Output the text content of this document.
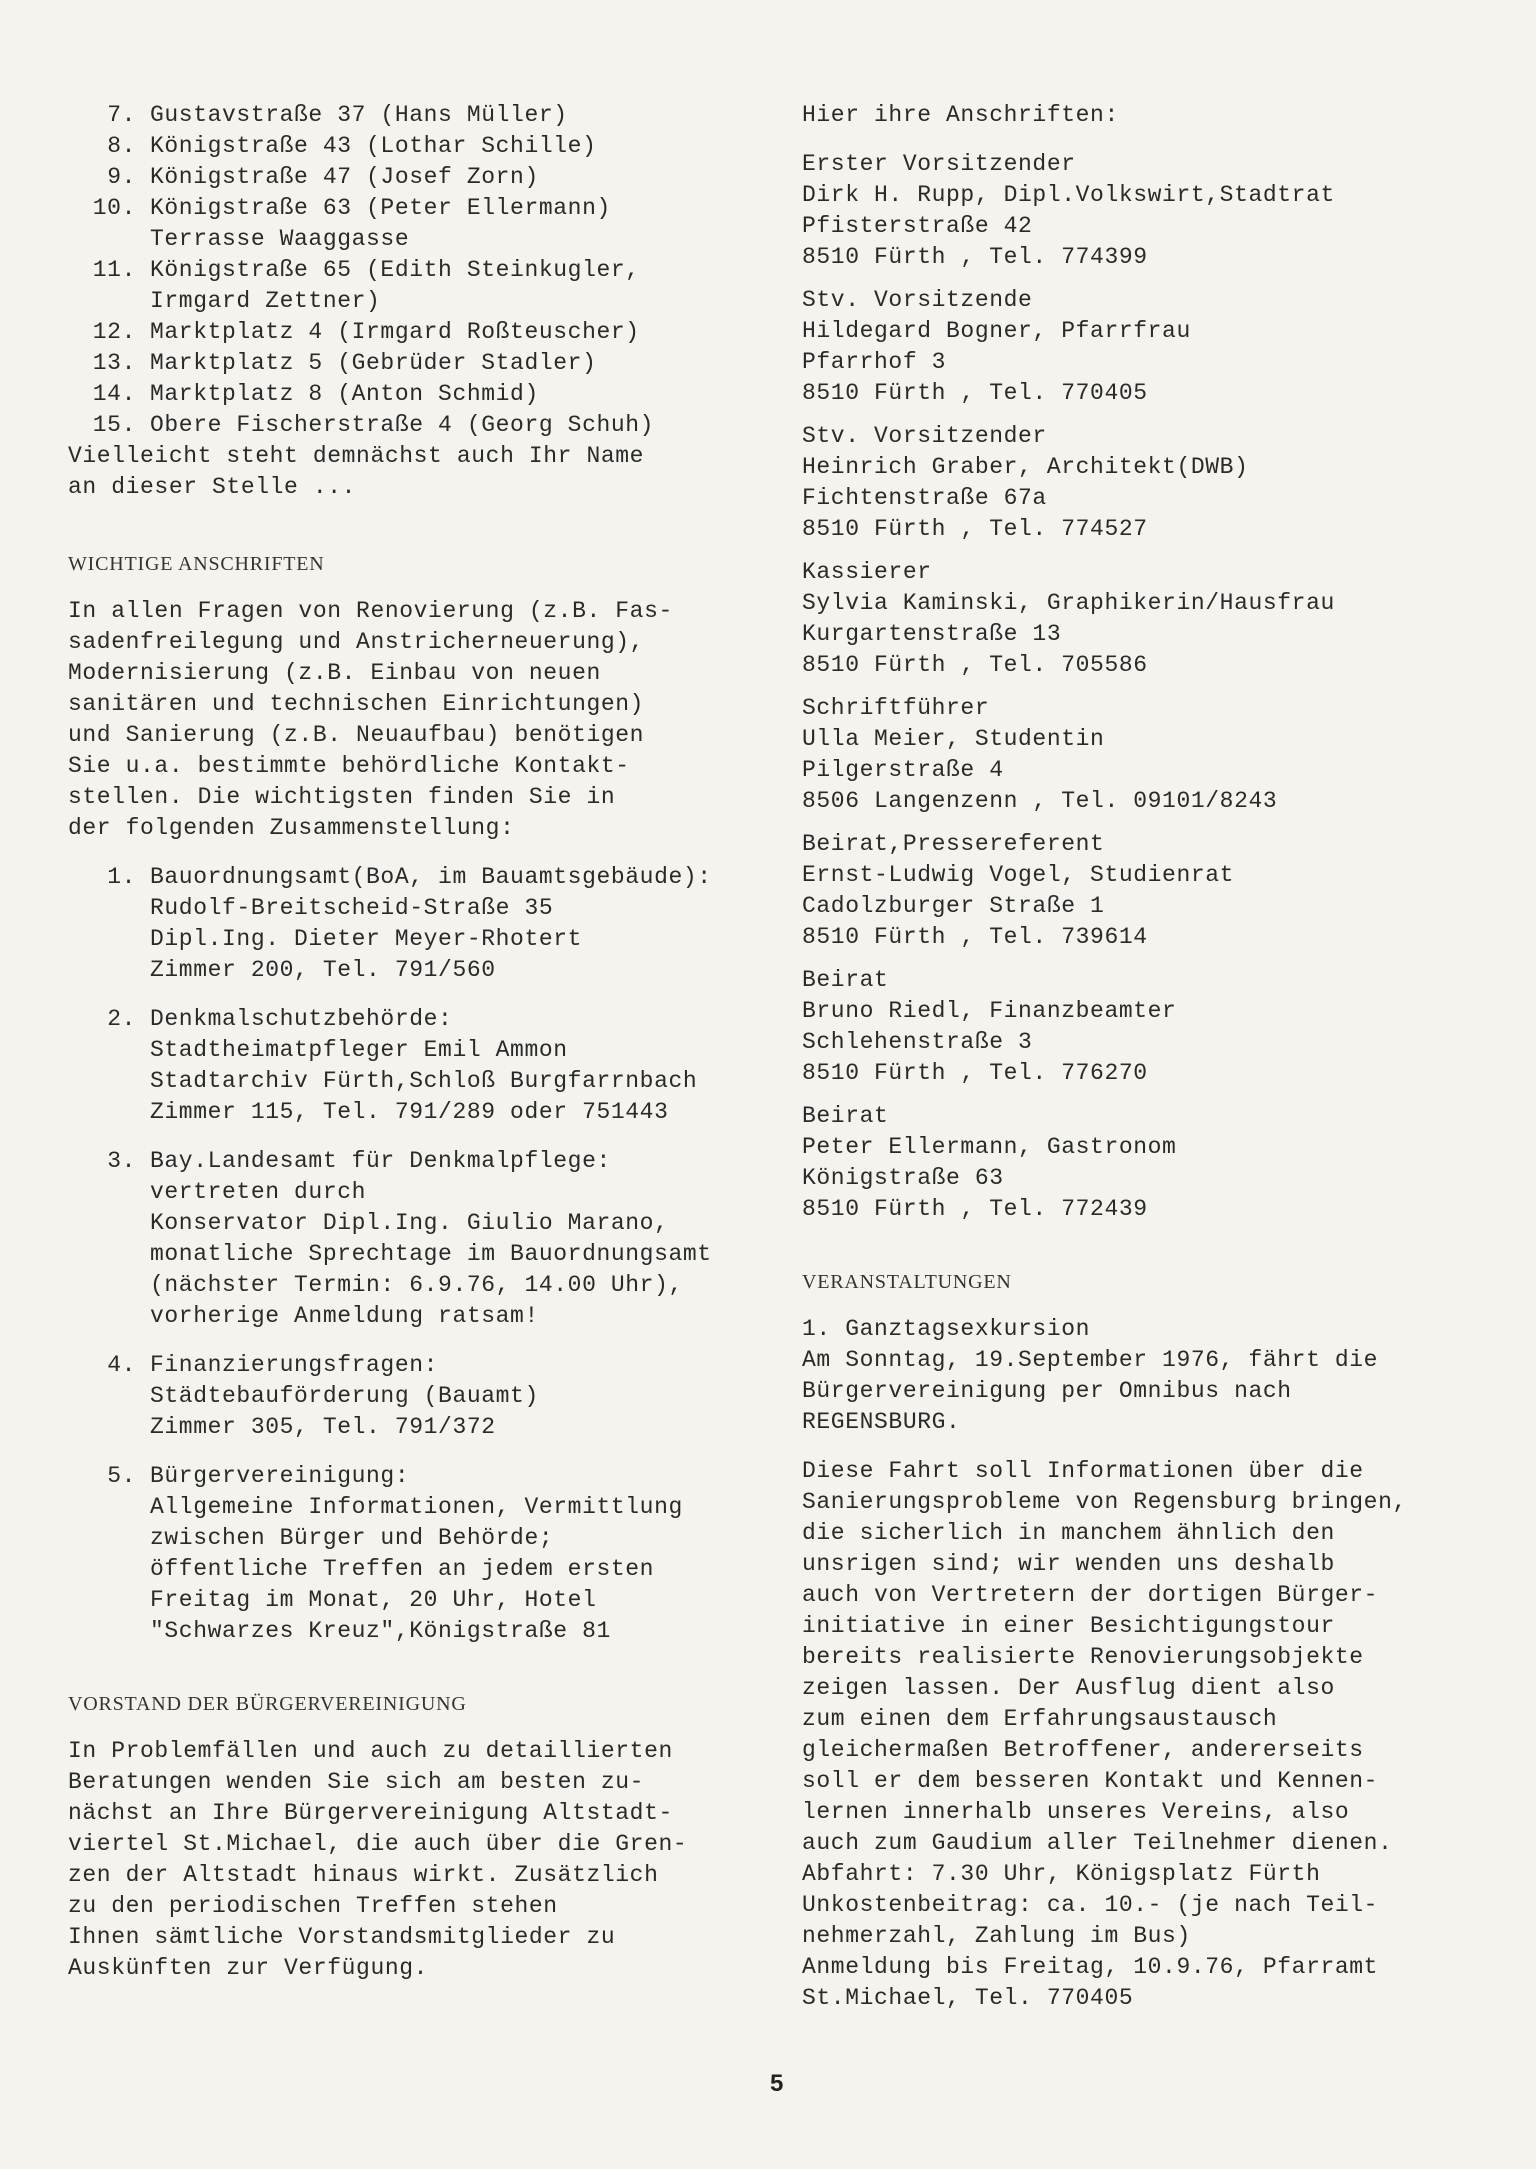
7. Gustavstraße 37 (Hans Müller)
8. Königstraße 43 (Lothar Schille)
9. Königstraße 47 (Josef Zorn)
10. Königstraße 63 (Peter Ellermann)
Terrasse Waaggasse
11. Königstraße 65 (Edith Steinkugler,
Irmgard Zettner)
12. Marktplatz 4 (Irmgard Roßteuscher)
13. Marktplatz 5 (Gebrüder Stadler)
14. Marktplatz 8 (Anton Schmid)
15. Obere Fischerstraße 4 (Georg Schuh)
Vielleicht steht demnächst auch Ihr Name
an dieser Stelle ...
WICHTIGE ANSCHRIFTEN
In allen Fragen von Renovierung (z.B. Fas-
sadenfreilegung und Anstricherneuerung),
Modernisierung (z.B. Einbau von neuen
sanitären und technischen Einrichtungen)
und Sanierung (z.B. Neuaufbau) benötigen
Sie u.a. bestimmte behördliche Kontakt-
stellen. Die wichtigsten finden Sie in
der folgenden Zusammenstellung:
1. Bauordnungsamt(BoA, im Bauamtsgebäude):
Rudolf-Breitscheid-Straße 35
Dipl.Ing. Dieter Meyer-Rhotert
Zimmer 200, Tel. 791/560
2. Denkmalschutzbehörde:
Stadtheimatpfleger Emil Ammon
Stadtarchiv Fürth,Schloß Burgfarrnbach
Zimmer 115, Tel. 791/289 oder 751443
3. Bay.Landesamt für Denkmalpflege:
vertreten durch
Konservator Dipl.Ing. Giulio Marano,
monatliche Sprechtage im Bauordnungsamt
(nächster Termin: 6.9.76, 14.00 Uhr),
vorherige Anmeldung ratsam!
4. Finanzierungsfragen:
Städtebauförderung (Bauamt)
Zimmer 305, Tel. 791/372
5. Bürgervereinigung:
Allgemeine Informationen, Vermittlung
zwischen Bürger und Behörde;
öffentliche Treffen an jedem ersten
Freitag im Monat, 20 Uhr, Hotel
"Schwarzes Kreuz",Königstraße 81
VORSTAND DER BÜRGERVEREINIGUNG
In Problemfällen und auch zu detaillierten
Beratungen wenden Sie sich am besten zu-
nächst an Ihre Bürgervereinigung Altstadt-
viertel St.Michael, die auch über die Gren-
zen der Altstadt hinaus wirkt. Zusätzlich
zu den periodischen Treffen stehen
Ihnen sämtliche Vorstandsmitglieder zu
Auskünften zur Verfügung.
Hier ihre Anschriften:
Erster Vorsitzender
Dirk H. Rupp, Dipl.Volkswirt,Stadtrat
Pfisterstraße 42
8510 Fürth , Tel. 774399
Stv. Vorsitzende
Hildegard Bogner, Pfarrfrau
Pfarrhof 3
8510 Fürth , Tel. 770405
Stv. Vorsitzender
Heinrich Graber, Architekt(DWB)
Fichtenstraße 67a
8510 Fürth , Tel. 774527
Kassierer
Sylvia Kaminski, Graphikerin/Hausfrau
Kurgartenstraße 13
8510 Fürth , Tel. 705586
Schriftführer
Ulla Meier, Studentin
Pilgerstraße 4
8506 Langenzenn , Tel. 09101/8243
Beirat,Pressereferent
Ernst-Ludwig Vogel, Studienrat
Cadolzburger Straße 1
8510 Fürth , Tel. 739614
Beirat
Bruno Riedl, Finanzbeamter
Schlehenstraße 3
8510 Fürth , Tel. 776270
Beirat
Peter Ellermann, Gastronom
Königstraße 63
8510 Fürth , Tel. 772439
VERANSTALTUNGEN
1. Ganztagsexkursion
Am Sonntag, 19.September 1976, fährt die
Bürgervereinigung per Omnibus nach
REGENSBURG.
Diese Fahrt soll Informationen über die
Sanierungsprobleme von Regensburg bringen,
die sicherlich in manchem ähnlich den
unsrigen sind; wir wenden uns deshalb
auch von Vertretern der dortigen Bürger-
initiative in einer Besichtigungstour
bereits realisierte Renovierungsobjekte
zeigen lassen. Der Ausflug dient also
zum einen dem Erfahrungsaustausch
gleichermaßen Betroffener, andererseits
soll er dem besseren Kontakt und Kennen-
lernen innerhalb unseres Vereins, also
auch zum Gaudium aller Teilnehmer dienen.
Abfahrt: 7.30 Uhr, Königsplatz Fürth
Unkostenbeitrag: ca. 10.- (je nach Teil-
nehmerzahl, Zahlung im Bus)
Anmeldung bis Freitag, 10.9.76, Pfarramt
St.Michael, Tel. 770405
5
